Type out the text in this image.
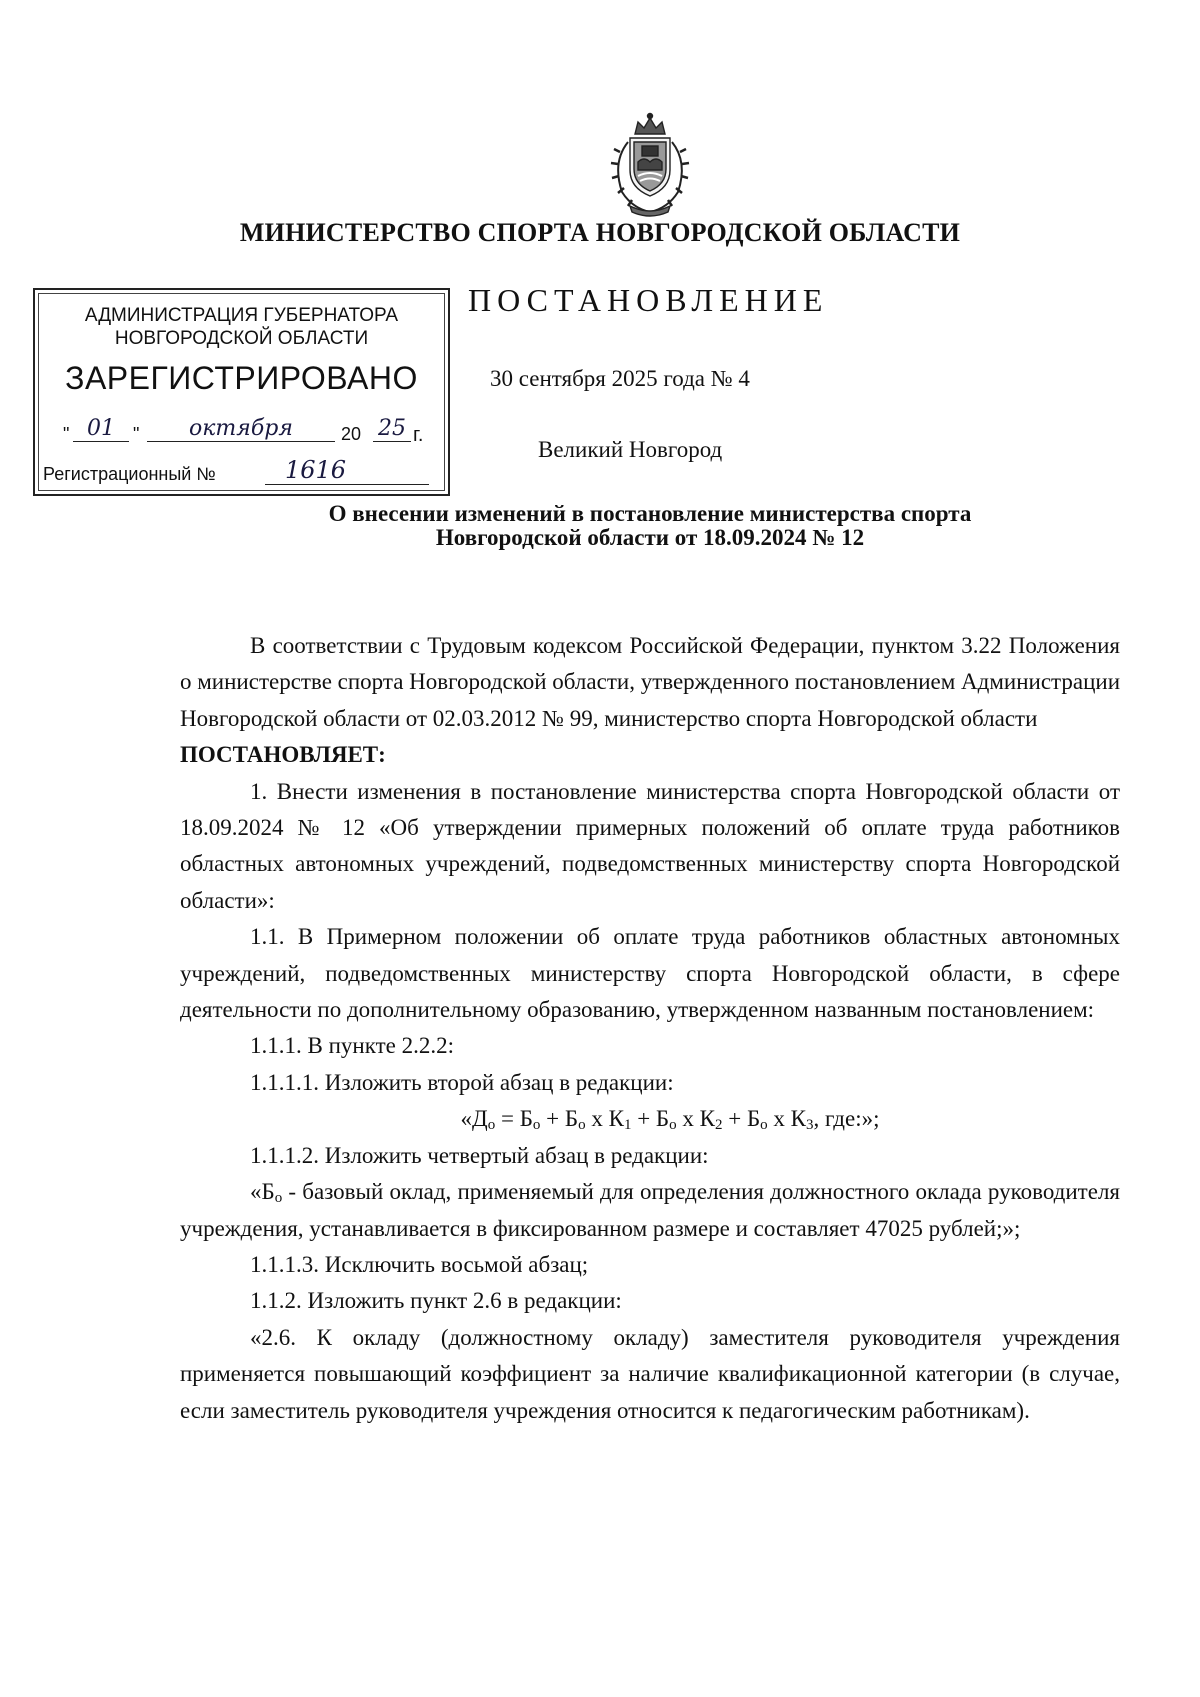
МИНИСТЕРСТВО СПОРТА НОВГОРОДСКОЙ ОБЛАСТИ
АДМИНИСТРАЦИЯ ГУБЕРНАТОРА
НОВГОРОДСКОЙ ОБЛАСТИ
ЗАРЕГИСТРИРОВАНО
" 01	"	октября	20 25 г.
Регистрационный №	1616
ПОСТАНОВЛЕНИЕ
30 сентября 2025 года № 4
Великий Новгород
О внесении изменений в постановление министерства спорта
Новгородской области от 18.09.2024 № 12

В соответствии с Трудовым кодексом Российской Федерации, пунктом 3.22 Положения о министерстве спорта Новгородской области, утвержденного постановлением Администрации Новгородской области от 02.03.2012 № 99, министерство спорта Новгородской области

ПОСТАНОВЛЯЕТ:

1. Внести изменения в постановление министерства спорта Новгородской области от 18.09.2024 № 12 «Об утверждении примерных положений об оплате труда работников областных автономных учреждений, подведомственных министерству спорта Новгородской области»:

1.1. В Примерном положении об оплате труда работников областных автономных учреждений, подведомственных министерству спорта Новгородской области, в сфере деятельности по дополнительному образованию, утвержденном названным постановлением:

1.1.1. В пункте 2.2.2:

1.1.1.1. Изложить второй абзац в редакции:

«$Д_о = Б_о + Б_о$ х $К_1 + Б_о$ х $К_2 + Б_о$ х $К_3$, где:»;

1.1.1.2. Изложить четвертый абзац в редакции:

«$Б_о$ - базовый оклад, применяемый для определения должностного оклада руководителя учреждения, устанавливается в фиксированном размере и составляет 47025 рублей;»;

1.1.1.3. Исключить восьмой абзац;

1.1.2. Изложить пункт 2.6 в редакции:

«2.6. К окладу (должностному окладу) заместителя руководителя учреждения применяется повышающий коэффициент за наличие квалификационной категории (в случае, если заместитель руководителя учреждения относится к педагогическим работникам).
